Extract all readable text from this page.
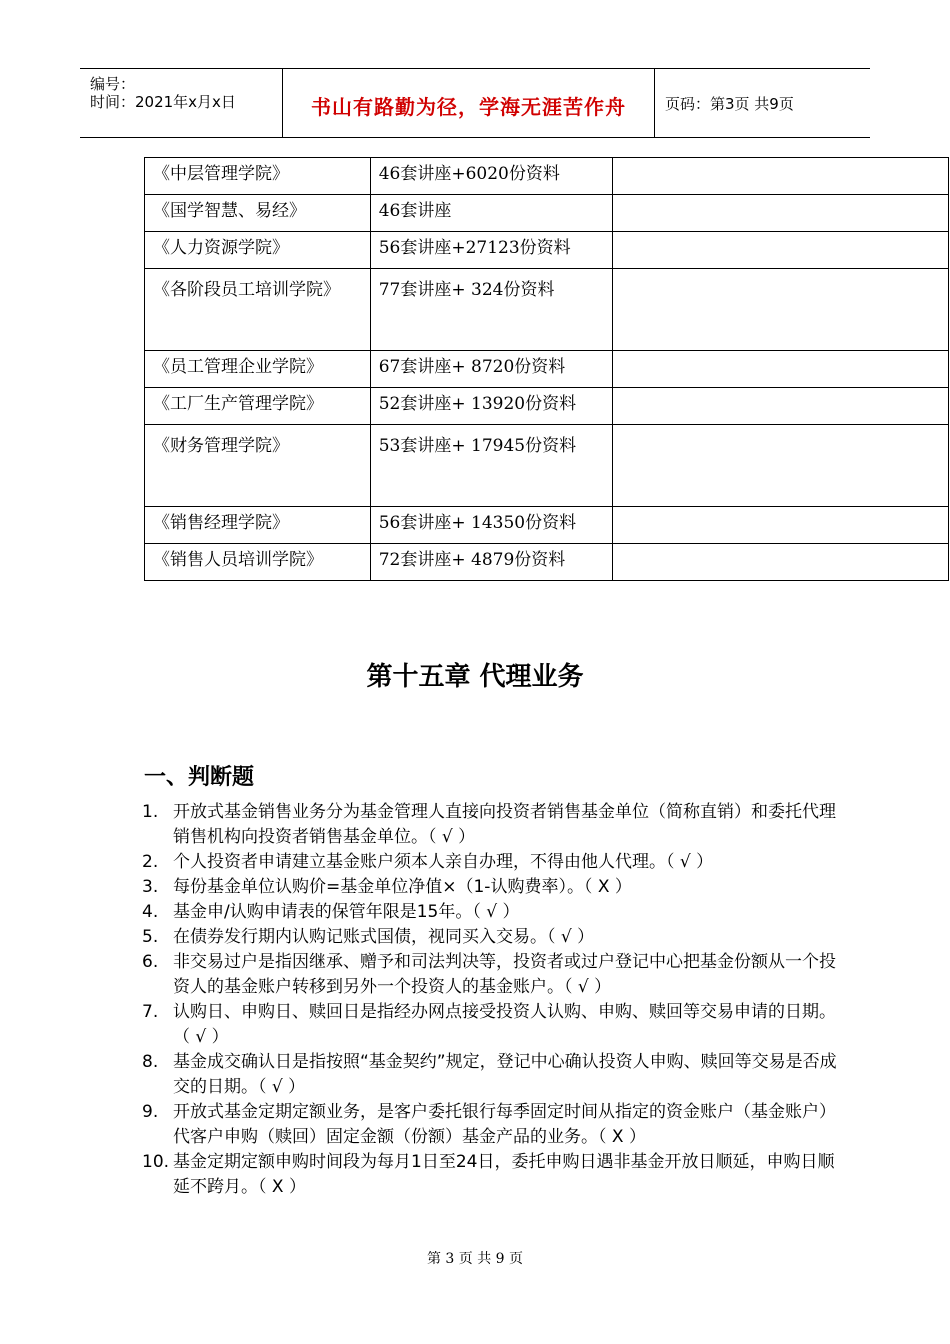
编号：
时间：2021年x月x日	书山有路勤为径，学海无涯苦作舟	页码：第3页 共9页
《中层管理学院》	46套讲座+6020份资料	
《国学智慧、易经》	46套讲座	
《人力资源学院》	56套讲座+27123份资料	
《各阶段员工培训学院》	77套讲座+ 324份资料	
《员工管理企业学院》	67套讲座+ 8720份资料	
《工厂生产管理学院》	52套讲座+ 13920份资料	
《财务管理学院》	53套讲座+ 17945份资料	
《销售经理学院》	56套讲座+ 14350份资料	
《销售人员培训学院》	72套讲座+ 4879份资料	
第十五章 代理业务
一、判断题
1. 开放式基金销售业务分为基金管理人直接向投资者销售基金单位（简称直销）和委托代理销售机构向投资者销售基金单位。（ √ ）
2. 个人投资者申请建立基金账户须本人亲自办理，不得由他人代理。（ √ ）
3. 每份基金单位认购价=基金单位净值×（1-认购费率）。（ X ）
4. 基金申/认购申请表的保管年限是15年。（ √ ）
5. 在债券发行期内认购记账式国债，视同买入交易。（ √ ）
6. 非交易过户是指因继承、赠予和司法判决等，投资者或过户登记中心把基金份额从一个投资人的基金账户转移到另外一个投资人的基金账户。（ √ ）
7. 认购日、申购日、赎回日是指经办网点接受投资人认购、申购、赎回等交易申请的日期。（ √ ）
8. 基金成交确认日是指按照“基金契约”规定，登记中心确认投资人申购、赎回等交易是否成交的日期。（ √ ）
9. 开放式基金定期定额业务，是客户委托银行每季固定时间从指定的资金账户（基金账户）代客户申购（赎回）固定金额（份额）基金产品的业务。（ X ）
10. 基金定期定额申购时间段为每月1日至24日，委托申购日遇非基金开放日顺延，申购日顺延不跨月。（ X ）
第 3 页 共 9 页
